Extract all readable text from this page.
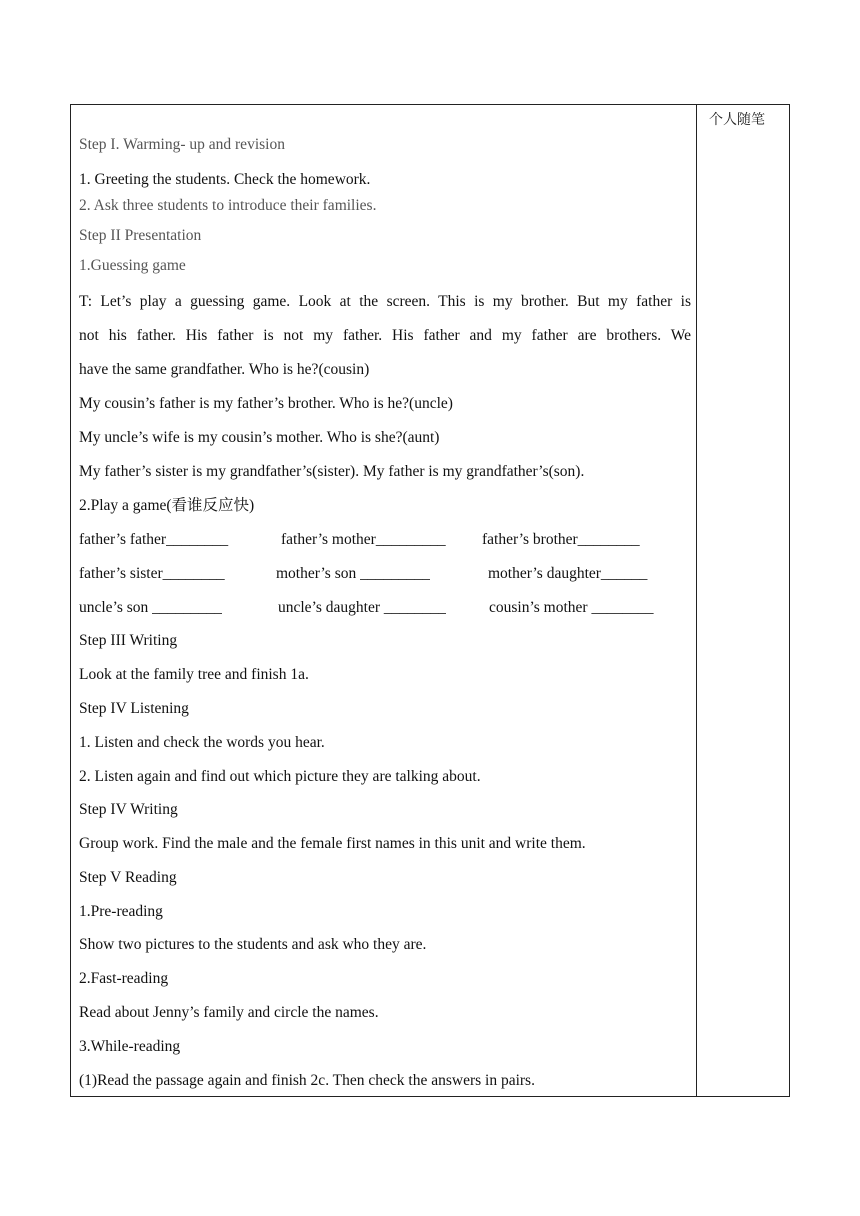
个人随笔
Step I. Warming- up and revision
1. Greeting the students. Check the homework.
2. Ask three students to introduce their families.
Step II Presentation
1.Guessing game
T: Let’s play a guessing game. Look at the screen. This is my brother. But my father is
not his father. His father is not my father. His father and my father are brothers. We
have the same grandfather. Who is he?(cousin)
My cousin’s father is my father’s brother. Who is he?(uncle)
My uncle’s wife is my cousin’s mother. Who is she?(aunt)
My father’s sister is my grandfather’s(sister). My father is my grandfather’s(son).
2.Play a game(看谁反应快)
father’s father________	father’s mother_________ father’s brother________
father’s sister________	mother’s son _________	mother’s daughter______
uncle’s son _________	uncle’s daughter ________	cousin’s mother ________
Step III Writing
Look at the family tree and finish 1a.
Step IV Listening
1. Listen and check the words you hear.
2. Listen again and find out which picture they are talking about.
Step IV Writing
Group work. Find the male and the female first names in this unit and write them.
Step V Reading
1.Pre-reading
Show two pictures to the students and ask who they are.
2.Fast-reading
Read about Jenny’s family and circle the names.
3.While-reading
(1)Read the passage again and finish 2c. Then check the answers in pairs.
